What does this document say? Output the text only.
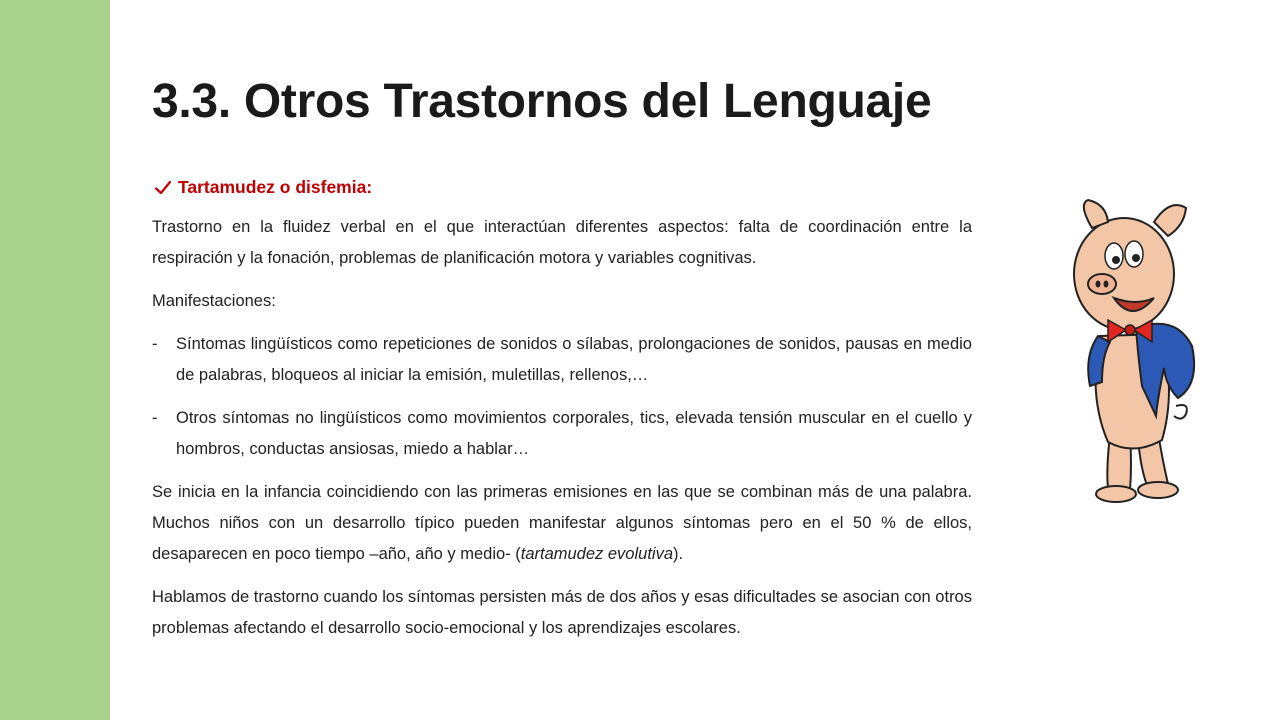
3.3. Otros Trastornos del Lenguaje
Tartamudez o disfemia:

Trastorno en la fluidez verbal en el que interactúan diferentes aspectos: falta de coordinación entre la respiración y la fonación, problemas de planificación motora y variables cognitivas.

Manifestaciones:

-	Síntomas lingüísticos como repeticiones de sonidos o sílabas, prolongaciones de sonidos, pausas en medio de palabras, bloqueos al iniciar la emisión, muletillas, rellenos,…
-	Otros síntomas no lingüísticos como movimientos corporales, tics, elevada tensión muscular en el cuello y hombros, conductas ansiosas, miedo a hablar…

Se inicia en la infancia coincidiendo con las primeras emisiones en las que se combinan más de una palabra. Muchos niños con un desarrollo típico pueden manifestar algunos síntomas pero en el 50 % de ellos, desaparecen en poco tiempo –año, año y medio- (tartamudez evolutiva).

Hablamos de trastorno cuando los síntomas persisten más de dos años y esas dificultades se asocian con otros problemas afectando el desarrollo socio-emocional y los aprendizajes escolares.
